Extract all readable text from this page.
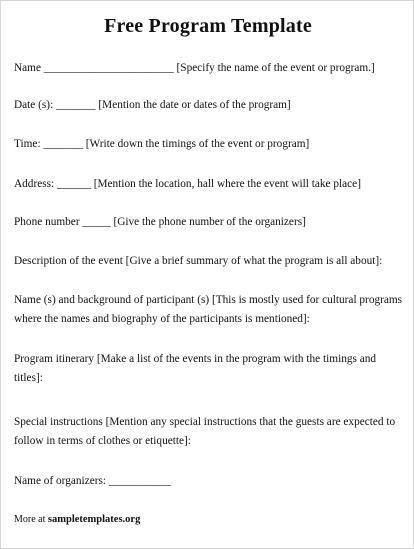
Free Program Template
Name _______________________ [Specify the name of the event or program.]
Date (s): _______ [Mention the date or dates of the program]
Time: _______ [Write down the timings of the event or program]
Address: ______ [Mention the location, hall where the event will take place]
Phone number _____ [Give the phone number of the organizers]
Description of the event [Give a brief summary of what the program is all about]:
Name (s) and background of participant (s) [This is mostly used for cultural programs where the names and biography of the participants is mentioned]:
Program itinerary [Make a list of the events in the program with the timings and titles]:
Special instructions [Mention any special instructions that the guests are expected to follow in terms of clothes or etiquette]:
Name of organizers: ___________
More at sampletemplates.org
